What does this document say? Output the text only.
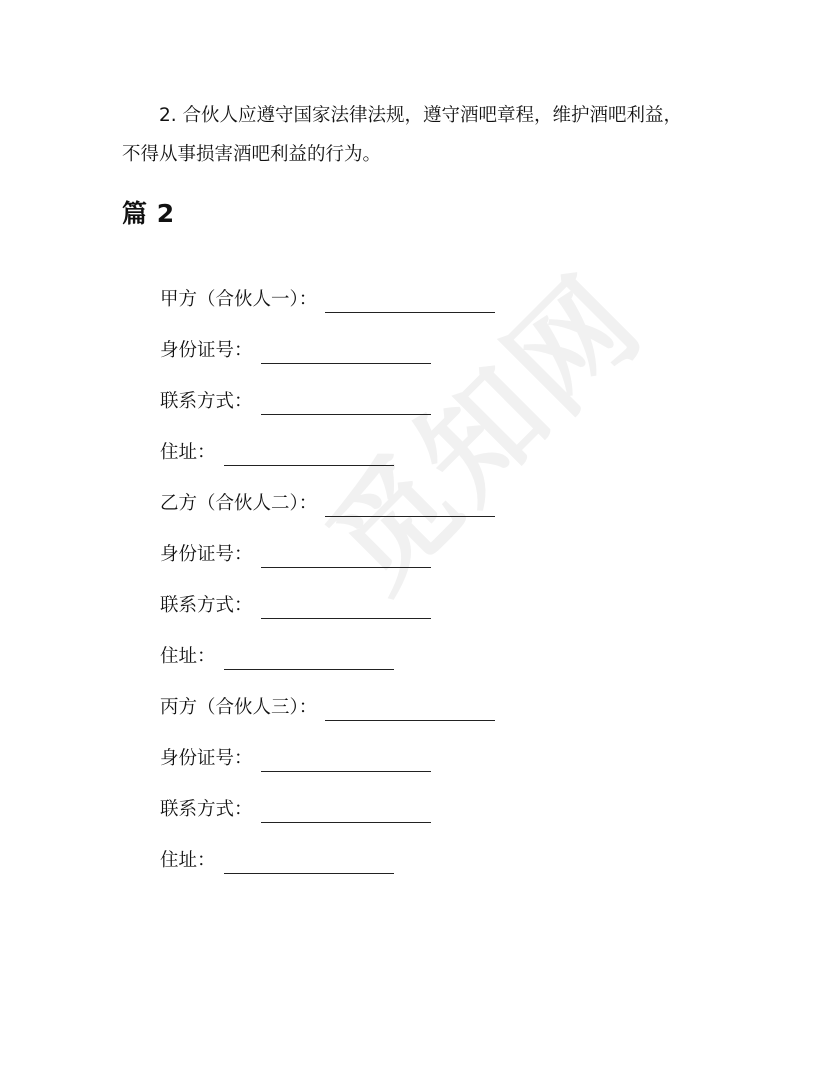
觅知网

2. 合伙人应遵守国家法律法规，遵守酒吧章程，维护酒吧利益，
不得从事损害酒吧利益的行为。

篇 2
甲方（合伙人一）：
身份证号：
联系方式：
住址：
乙方（合伙人二）：
身份证号：
联系方式：
住址：
丙方（合伙人三）：
身份证号：
联系方式：
住址：
